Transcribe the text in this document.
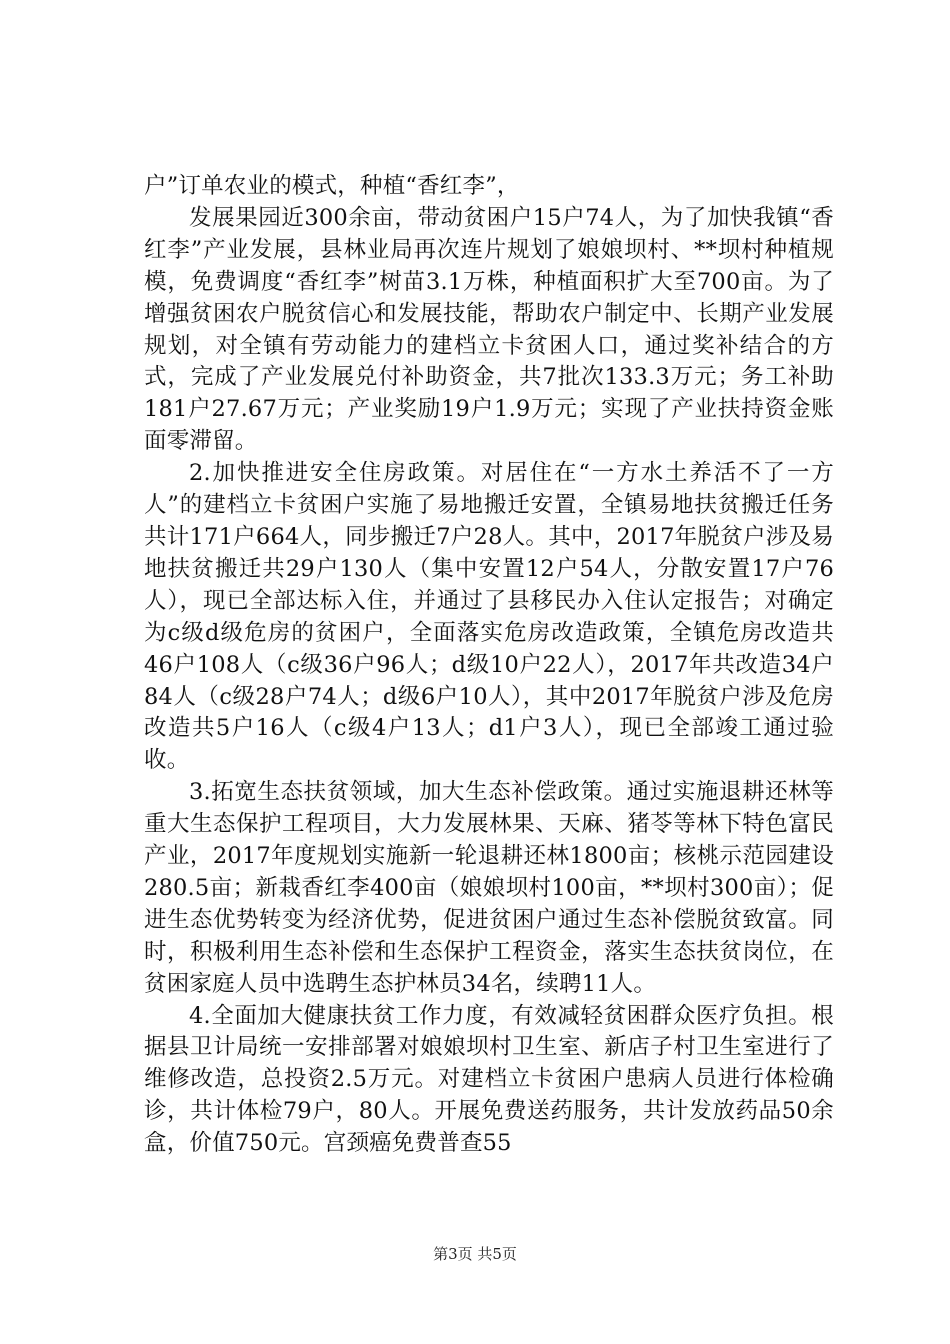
户”订单农业的模式，种植“香红李”，

发展果园近300余亩，带动贫困户15户74人，为了加快我镇“香红李”产业发展，县林业局再次连片规划了娘娘坝村、**坝村种植规模，免费调度“香红李”树苗3.1万株，种植面积扩大至700亩。为了增强贫困农户脱贫信心和发展技能，帮助农户制定中、长期产业发展规划，对全镇有劳动能力的建档立卡贫困人口，通过奖补结合的方式，完成了产业发展兑付补助资金，共7批次133.3万元；务工补助181户27.67万元；产业奖励19户1.9万元；实现了产业扶持资金账面零滞留。

2.加快推进安全住房政策。对居住在“一方水土养活不了一方人”的建档立卡贫困户实施了易地搬迁安置，全镇易地扶贫搬迁任务共计171户664人，同步搬迁7户28人。其中，2017年脱贫户涉及易地扶贫搬迁共29户130人（集中安置12户54人，分散安置17户76人），现已全部达标入住，并通过了县移民办入住认定报告；对确定为c级d级危房的贫困户，全面落实危房改造政策，全镇危房改造共46户108人（c级36户96人；d级10户22人），2017年共改造34户84人（c级28户74人；d级6户10人），其中2017年脱贫户涉及危房改造共5户16人（c级4户13人；d1户3人），现已全部竣工通过验收。

3.拓宽生态扶贫领域，加大生态补偿政策。通过实施退耕还林等重大生态保护工程项目，大力发展林果、天麻、猪苓等林下特色富民产业，2017年度规划实施新一轮退耕还林1800亩；核桃示范园建设280.5亩；新栽香红李400亩（娘娘坝村100亩，**坝村300亩）；促进生态优势转变为经济优势，促进贫困户通过生态补偿脱贫致富。同时，积极利用生态补偿和生态保护工程资金，落实生态扶贫岗位，在贫困家庭人员中选聘生态护林员34名，续聘11人。

4.全面加大健康扶贫工作力度，有效减轻贫困群众医疗负担。根据县卫计局统一安排部署对娘娘坝村卫生室、新店子村卫生室进行了维修改造，总投资2.5万元。对建档立卡贫困户患病人员进行体检确诊，共计体检79户，80人。开展免费送药服务，共计发放药品50余盒，价值750元。宫颈癌免费普查55

第3页 共5页
